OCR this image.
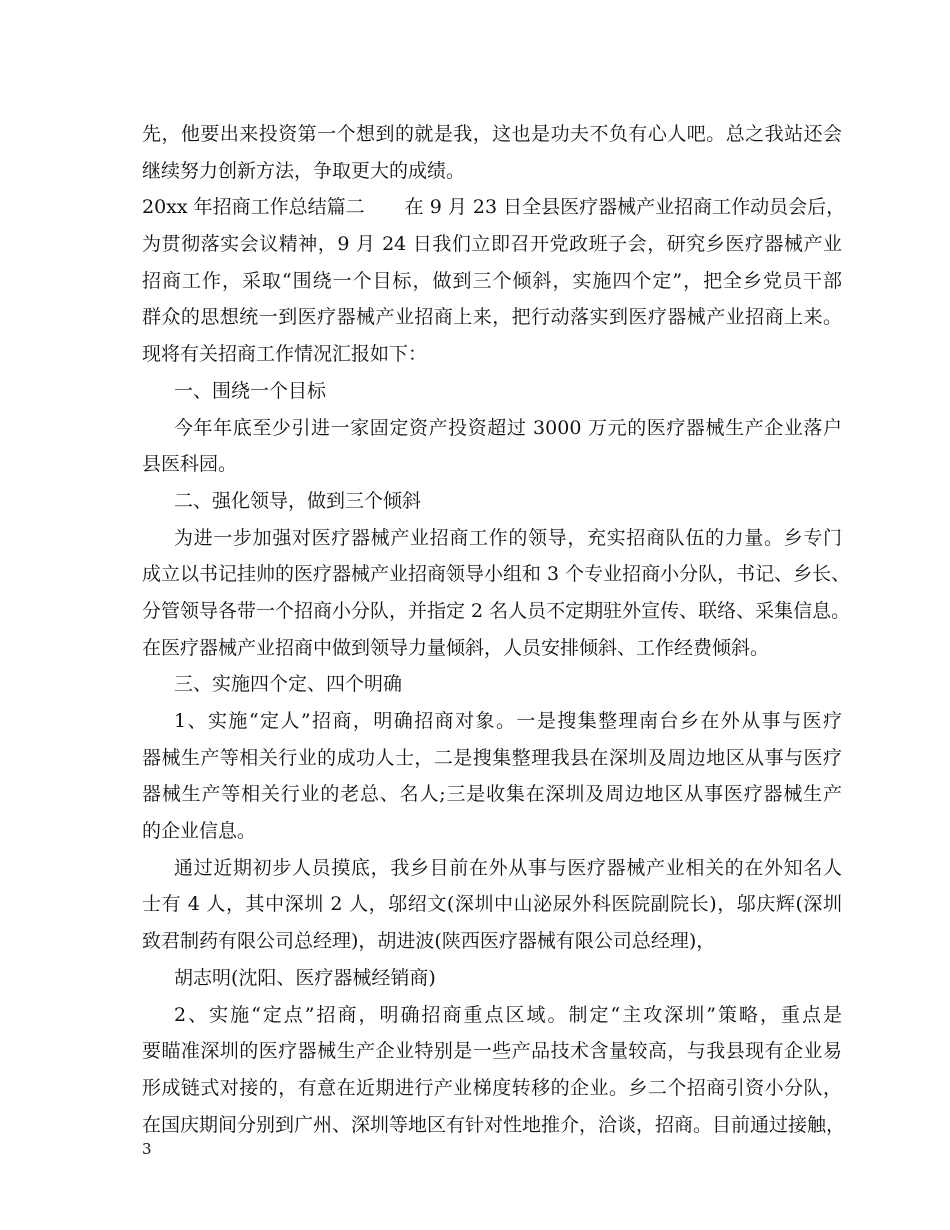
先，他要出来投资第一个想到的就是我，这也是功夫不负有心人吧。总之我站还会
继续努力创新方法，争取更大的成绩。
20xx 年招商工作总结篇二 在 9 月 23 日全县医疗器械产业招商工作动员会后，
为贯彻落实会议精神，9 月 24 日我们立即召开党政班子会，研究乡医疗器械产业
招商工作，采取“围绕一个目标，做到三个倾斜，实施四个定”，把全乡党员干部
群众的思想统一到医疗器械产业招商上来，把行动落实到医疗器械产业招商上来。
现将有关招商工作情况汇报如下：
一、围绕一个目标
今年年底至少引进一家固定资产投资超过 3000 万元的医疗器械生产企业落户
县医科园。
二、强化领导，做到三个倾斜
为进一步加强对医疗器械产业招商工作的领导，充实招商队伍的力量。乡专门
成立以书记挂帅的医疗器械产业招商领导小组和 3 个专业招商小分队，书记、乡长、
分管领导各带一个招商小分队，并指定 2 名人员不定期驻外宣传、联络、采集信息。
在医疗器械产业招商中做到领导力量倾斜，人员安排倾斜、工作经费倾斜。
三、实施四个定、四个明确
1、实施“定人”招商，明确招商对象。一是搜集整理南台乡在外从事与医疗
器械生产等相关行业的成功人士，二是搜集整理我县在深圳及周边地区从事与医疗
器械生产等相关行业的老总、名人;三是收集在深圳及周边地区从事医疗器械生产
的企业信息。
通过近期初步人员摸底，我乡目前在外从事与医疗器械产业相关的在外知名人
士有 4 人，其中深圳 2 人，邬绍文(深圳中山泌尿外科医院副院长)，邬庆辉(深圳
致君制药有限公司总经理)，胡进波(陕西医疗器械有限公司总经理)，
胡志明(沈阳、医疗器械经销商)
2、实施“定点”招商，明确招商重点区域。制定“主攻深圳”策略，重点是
要瞄准深圳的医疗器械生产企业特别是一些产品技术含量较高，与我县现有企业易
形成链式对接的，有意在近期进行产业梯度转移的企业。乡二个招商引资小分队，
在国庆期间分别到广州、深圳等地区有针对性地推介，洽谈，招商。目前通过接触，
3
